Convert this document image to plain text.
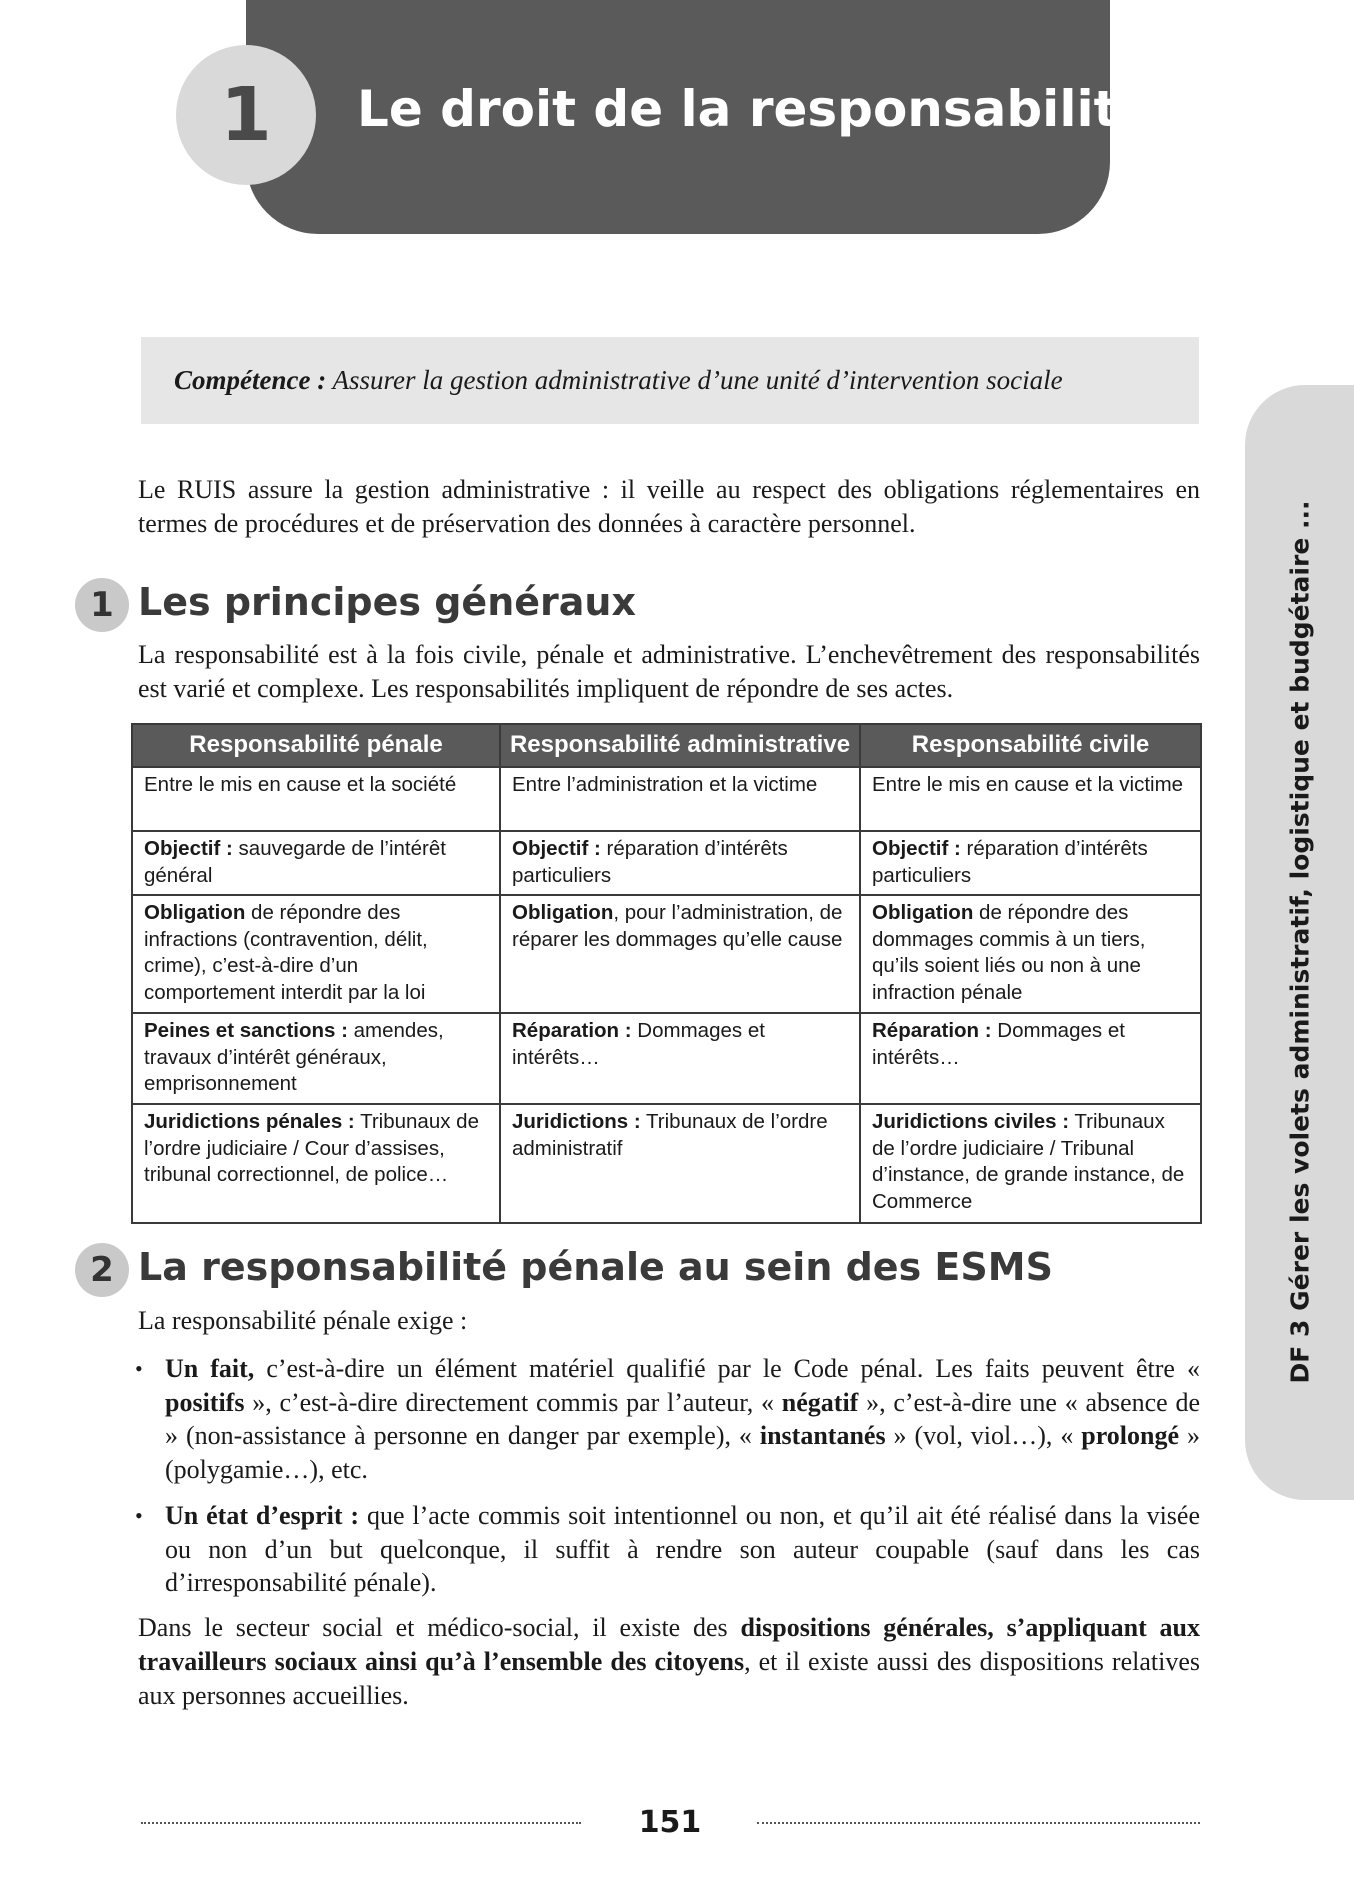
1	Le droit de la responsabilité
Compétence : Assurer la gestion administrative d’une unité d’intervention sociale
DF 3 Gérer les volets administratif, logistique et budgétaire ...
Le RUIS assure la gestion administrative : il veille au respect des obligations réglementaires en termes de procédures et de préservation des données à caractère personnel.
1 Les principes généraux
La responsabilité est à la fois civile, pénale et administrative. L’enchevêtrement des responsabilités est varié et complexe. Les responsabilités impliquent de répondre de ses actes.
Responsabilité pénale	Responsabilité administrative	Responsabilité civile
Entre le mis en cause et la société	Entre l’administration et la victime	Entre le mis en cause et la victime
Objectif : sauvegarde de l’intérêt général	Objectif : réparation d’intérêts particuliers	Objectif : réparation d’intérêts particuliers
Obligation de répondre des infractions (contravention, délit, crime), c’est-à-dire d’un comportement interdit par la loi	Obligation, pour l’administration, de réparer les dommages qu’elle cause	Obligation de répondre des dommages commis à un tiers, qu’ils soient liés ou non à une infraction pénale
Peines et sanctions : amendes, travaux d’intérêt généraux, emprisonnement	Réparation : Dommages et intérêts…	Réparation : Dommages et intérêts…
Juridictions pénales : Tribunaux de l’ordre judiciaire / Cour d’assises, tribunal correctionnel, de police…	Juridictions : Tribunaux de l’ordre administratif	Juridictions civiles : Tribunaux de l’ordre judiciaire / Tribunal d’instance, de grande instance, de Commerce
2 La responsabilité pénale au sein des ESMS
La responsabilité pénale exige :
• Un fait, c’est-à-dire un élément matériel qualifié par le Code pénal. Les faits peuvent être « positifs », c’est-à-dire directement commis par l’auteur, « négatif », c’est-à-dire une « absence de » (non-assistance à personne en danger par exemple), « instantanés » (vol, viol…), « prolongé » (polygamie…), etc.
• Un état d’esprit : que l’acte commis soit intentionnel ou non, et qu’il ait été réalisé dans la visée ou non d’un but quelconque, il suffit à rendre son auteur coupable (sauf dans les cas d’irresponsabilité pénale).
Dans le secteur social et médico-social, il existe des dispositions générales, s’appliquant aux travailleurs sociaux ainsi qu’à l’ensemble des citoyens, et il existe aussi des dispositions relatives aux personnes accueillies.
151
